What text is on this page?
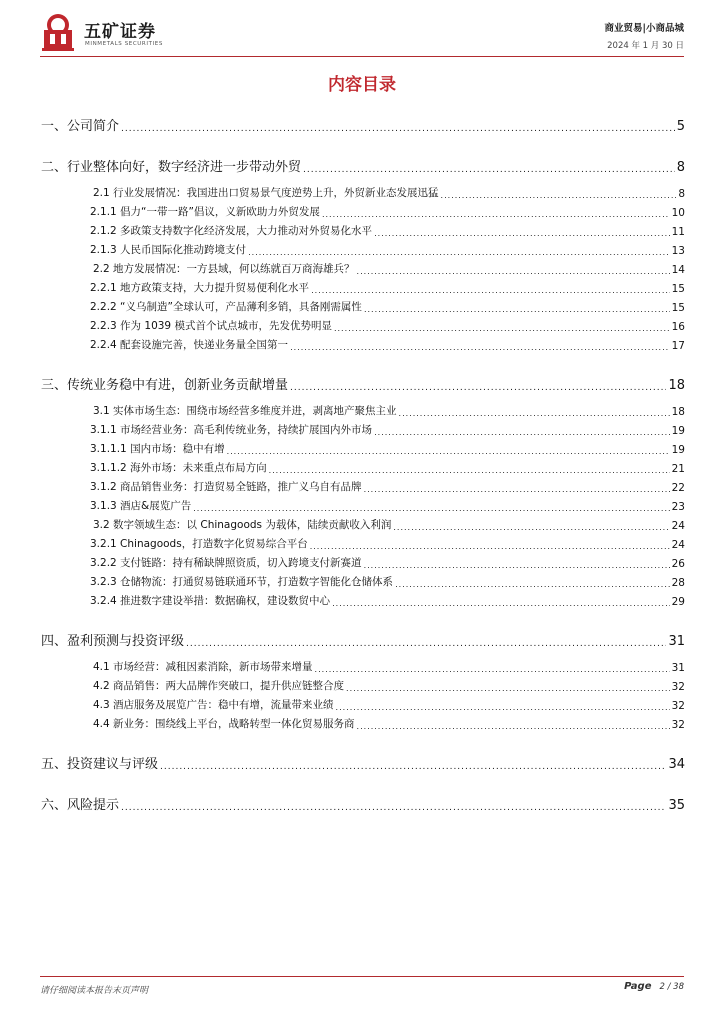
五矿证券
MINMETALS SECURITIES
商业贸易|小商品城
2024 年 1 月 30 日
内容目录
一、公司简介 .....	5
二、行业整体向好，数字经济进一步带动外贸 .....	8
2.1 行业发展情况：我国进出口贸易景气度逆势上升，外贸新业态发展迅猛 .....	8
2.1.1 倡力“一带一路”倡议，义新欧助力外贸发展 .....	10
2.1.2 多政策支持数字化经济发展，大力推动对外贸易化水平 .....	11
2.1.3 人民币国际化推动跨境支付 .....	13
2.2 地方发展情况：一方县域，何以练就百万商海雄兵？ .....	14
2.2.1 地方政策支持，大力提升贸易便利化水平 .....	15
2.2.2 “义乌制造”全球认可，产品薄利多销，具备刚需属性 .....	15
2.2.3 作为 1039 模式首个试点城市，先发优势明显 .....	16
2.2.4 配套设施完善，快递业务量全国第一 .....	17
三、传统业务稳中有进，创新业务贡献增量 .....	18
3.1 实体市场生态：围绕市场经营多维度并进，剥离地产聚焦主业 .....	18
3.1.1 市场经营业务：高毛利传统业务，持续扩展国内外市场 .....	19
3.1.1.1 国内市场：稳中有增 .....	19
3.1.1.2 海外市场：未来重点布局方向 .....	21
3.1.2 商品销售业务：打造贸易全链路，推广义乌自有品牌 .....	22
3.1.3 酒店&展览广告 .....	23
3.2 数字领域生态：以 Chinagoods 为载体，陆续贡献收入利润 .....	24
3.2.1 Chinagoods，打造数字化贸易综合平台 .....	24
3.2.2 支付链路：持有稀缺牌照资质，切入跨境支付新赛道 .....	26
3.2.3 仓储物流：打通贸易链联通环节，打造数字智能化仓储体系 .....	28
3.2.4 推进数字建设举措：数据确权，建设数贸中心 .....	29
四、盈利预测与投资评级 .....	31
4.1 市场经营：减租因素消除，新市场带来增量 .....	31
4.2 商品销售：两大品牌作突破口，提升供应链整合度 .....	32
4.3 酒店服务及展览广告：稳中有增，流量带来业绩 .....	32
4.4 新业务：围绕线上平台，战略转型一体化贸易服务商 .....	32
五、投资建议与评级 .....	34
六、风险提示 .....	35
请仔细阅读本报告末页声明	Page 2 / 38
